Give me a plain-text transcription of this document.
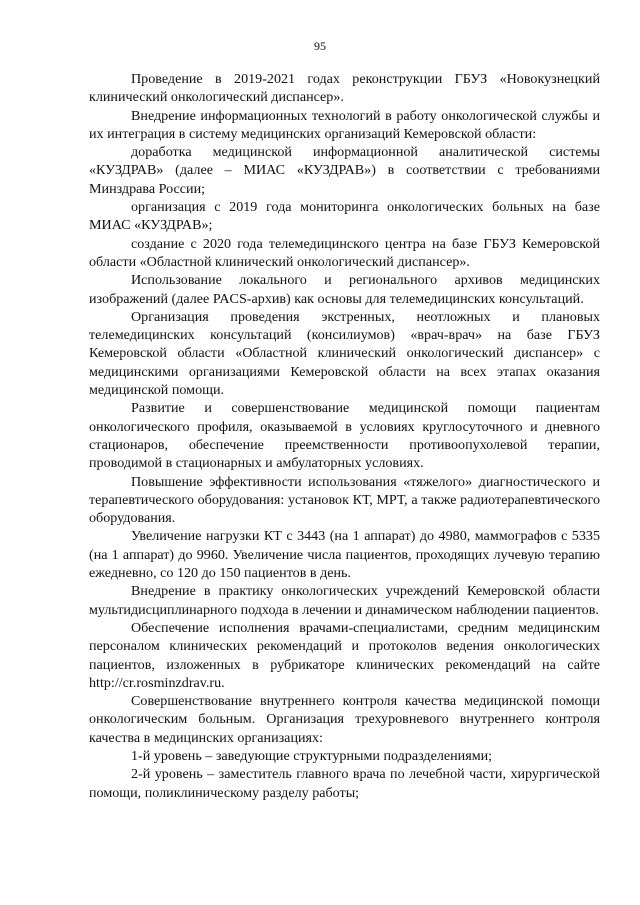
95

Проведение в 2019-2021 годах реконструкции ГБУЗ «Новокузнецкий клинический онкологический диспансер».

Внедрение информационных технологий в работу онкологической службы и их интеграция в систему медицинских организаций Кемеровской области:

доработка медицинской информационной аналитической системы «КУЗДРАВ» (далее – МИАС «КУЗДРАВ») в соответствии с требованиями Минздрава России;

организация с 2019 года мониторинга онкологических больных на базе МИАС «КУЗДРАВ»;

создание с 2020 года телемедицинского центра на базе ГБУЗ Кемеровской области «Областной клинический онкологический диспансер».

Использование локального и регионального архивов медицинских изображений (далее PACS-архив) как основы для телемедицинских консультаций.

Организация проведения экстренных, неотложных и плановых телемедицинских консультаций (консилиумов) «врач-врач» на базе ГБУЗ Кемеровской области «Областной клинический онкологический диспансер» с медицинскими организациями Кемеровской области на всех этапах оказания медицинской помощи.

Развитие и совершенствование медицинской помощи пациентам онкологического профиля, оказываемой в условиях круглосуточного и дневного стационаров, обеспечение преемственности противоопухолевой терапии, проводимой в стационарных и амбулаторных условиях.

Повышение эффективности использования «тяжелого» диагностического и терапевтического оборудования: установок КТ, МРТ, а также радиотерапевтического оборудования.

Увеличение нагрузки КТ с 3443 (на 1 аппарат) до 4980, маммографов с 5335 (на 1 аппарат) до 9960. Увеличение числа пациентов, проходящих лучевую терапию ежедневно, со 120 до 150 пациентов в день.

Внедрение в практику онкологических учреждений Кемеровской области мультидисциплинарного подхода в лечении и динамическом наблюдении пациентов.

Обеспечение исполнения врачами-специалистами, средним медицинским персоналом клинических рекомендаций и протоколов ведения онкологических пациентов, изложенных в рубрикаторе клинических рекомендаций на сайте http://cr.rosminzdrav.ru.

Совершенствование внутреннего контроля качества медицинской помощи онкологическим больным. Организация трехуровневого внутреннего контроля качества в медицинских организациях:

1-й уровень – заведующие структурными подразделениями;

2-й уровень – заместитель главного врача по лечебной части, хирургической помощи, поликлиническому разделу работы;
